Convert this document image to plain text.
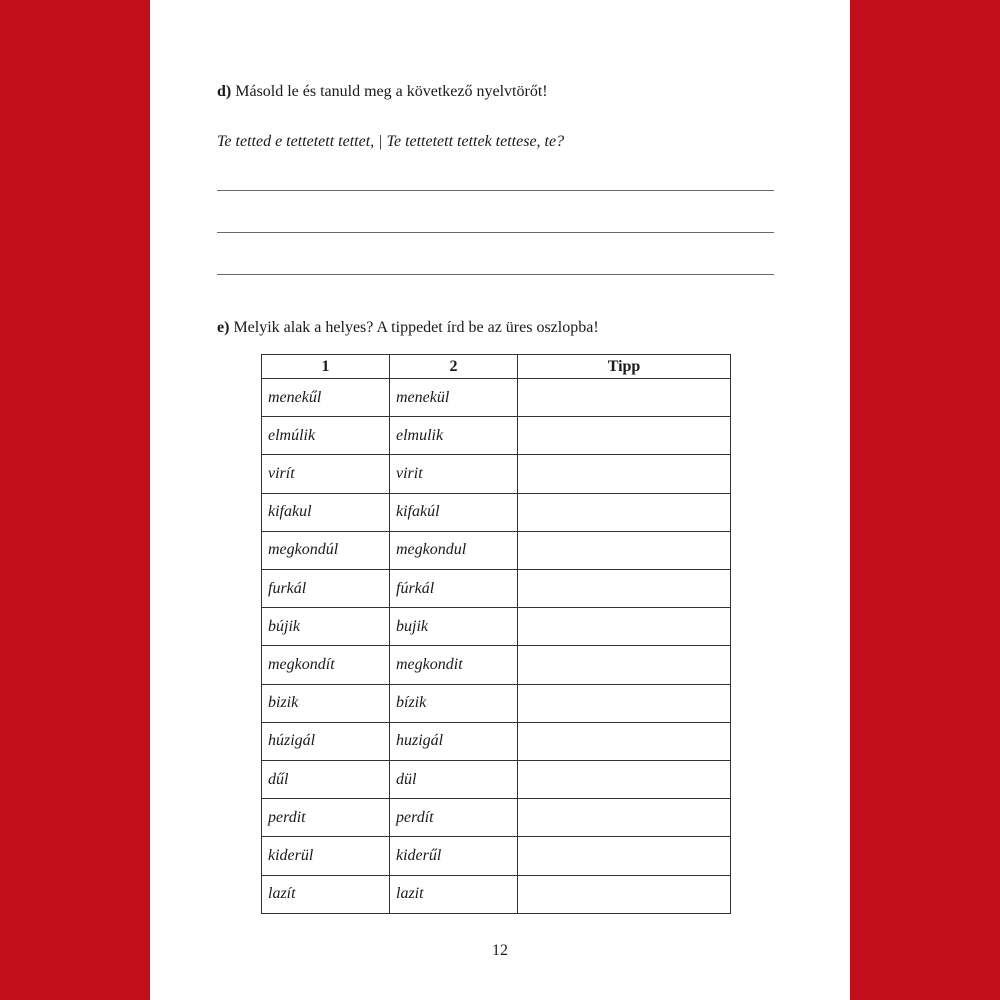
d) Másold le és tanuld meg a következő nyelvtörőt!
Te tetted e tettetett tettet, | Te tettetett tettek tettese, te?
e) Melyik alak a helyes? A tippedet írd be az üres oszlopba!
1	2	Tipp
menekűl	menekül	
elmúlik	elmulik	
virít	virit	
kifakul	kifakúl	
megkondúl	megkondul	
furkál	fúrkál	
bújik	bujik	
megkondít	megkondit	
bizik	bízik	
húzigál	huzigál	
dűl	dül	
perdit	perdít	
kiderül	kiderűl	
lazít	lazit	
12
